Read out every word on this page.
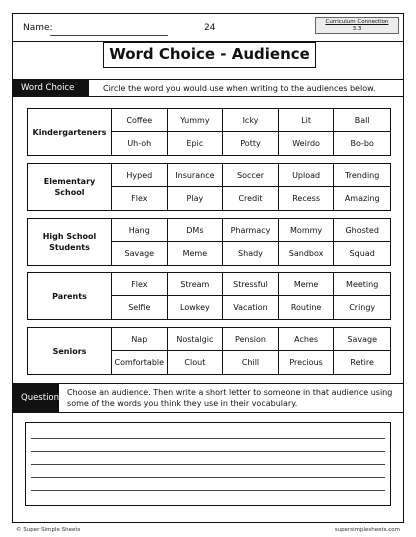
Name:	24
Curriculum Connection
3.3
Word Choice - Audience
Word Choice	Circle the word you would use when writing to the audiences below.
Kindergarteners
Coffee	Yummy	Icky	Lit	Ball
Uh-oh	Epic	Potty	Weirdo	Bo-bo
Elementary School
Hyped	Insurance	Soccer	Upload	Trending
Flex	Play	Credit	Recess	Amazing
High School Students
Hang	DMs	Pharmacy	Mommy	Ghosted
Savage	Meme	Shady	Sandbox	Squad
Parents
Flex	Stream	Stressful	Meme	Meeting
Selfie	Lowkey	Vacation	Routine	Cringy
Seniors
Nap	Nostalgic	Pension	Aches	Savage
Comfortable	Clout	Chill	Precious	Retire
Question
Choose an audience. Then write a short letter to someone in that audience using some of the words you think they use in their vocabulary.
© Super Simple Sheets	supersimplesheets.com
